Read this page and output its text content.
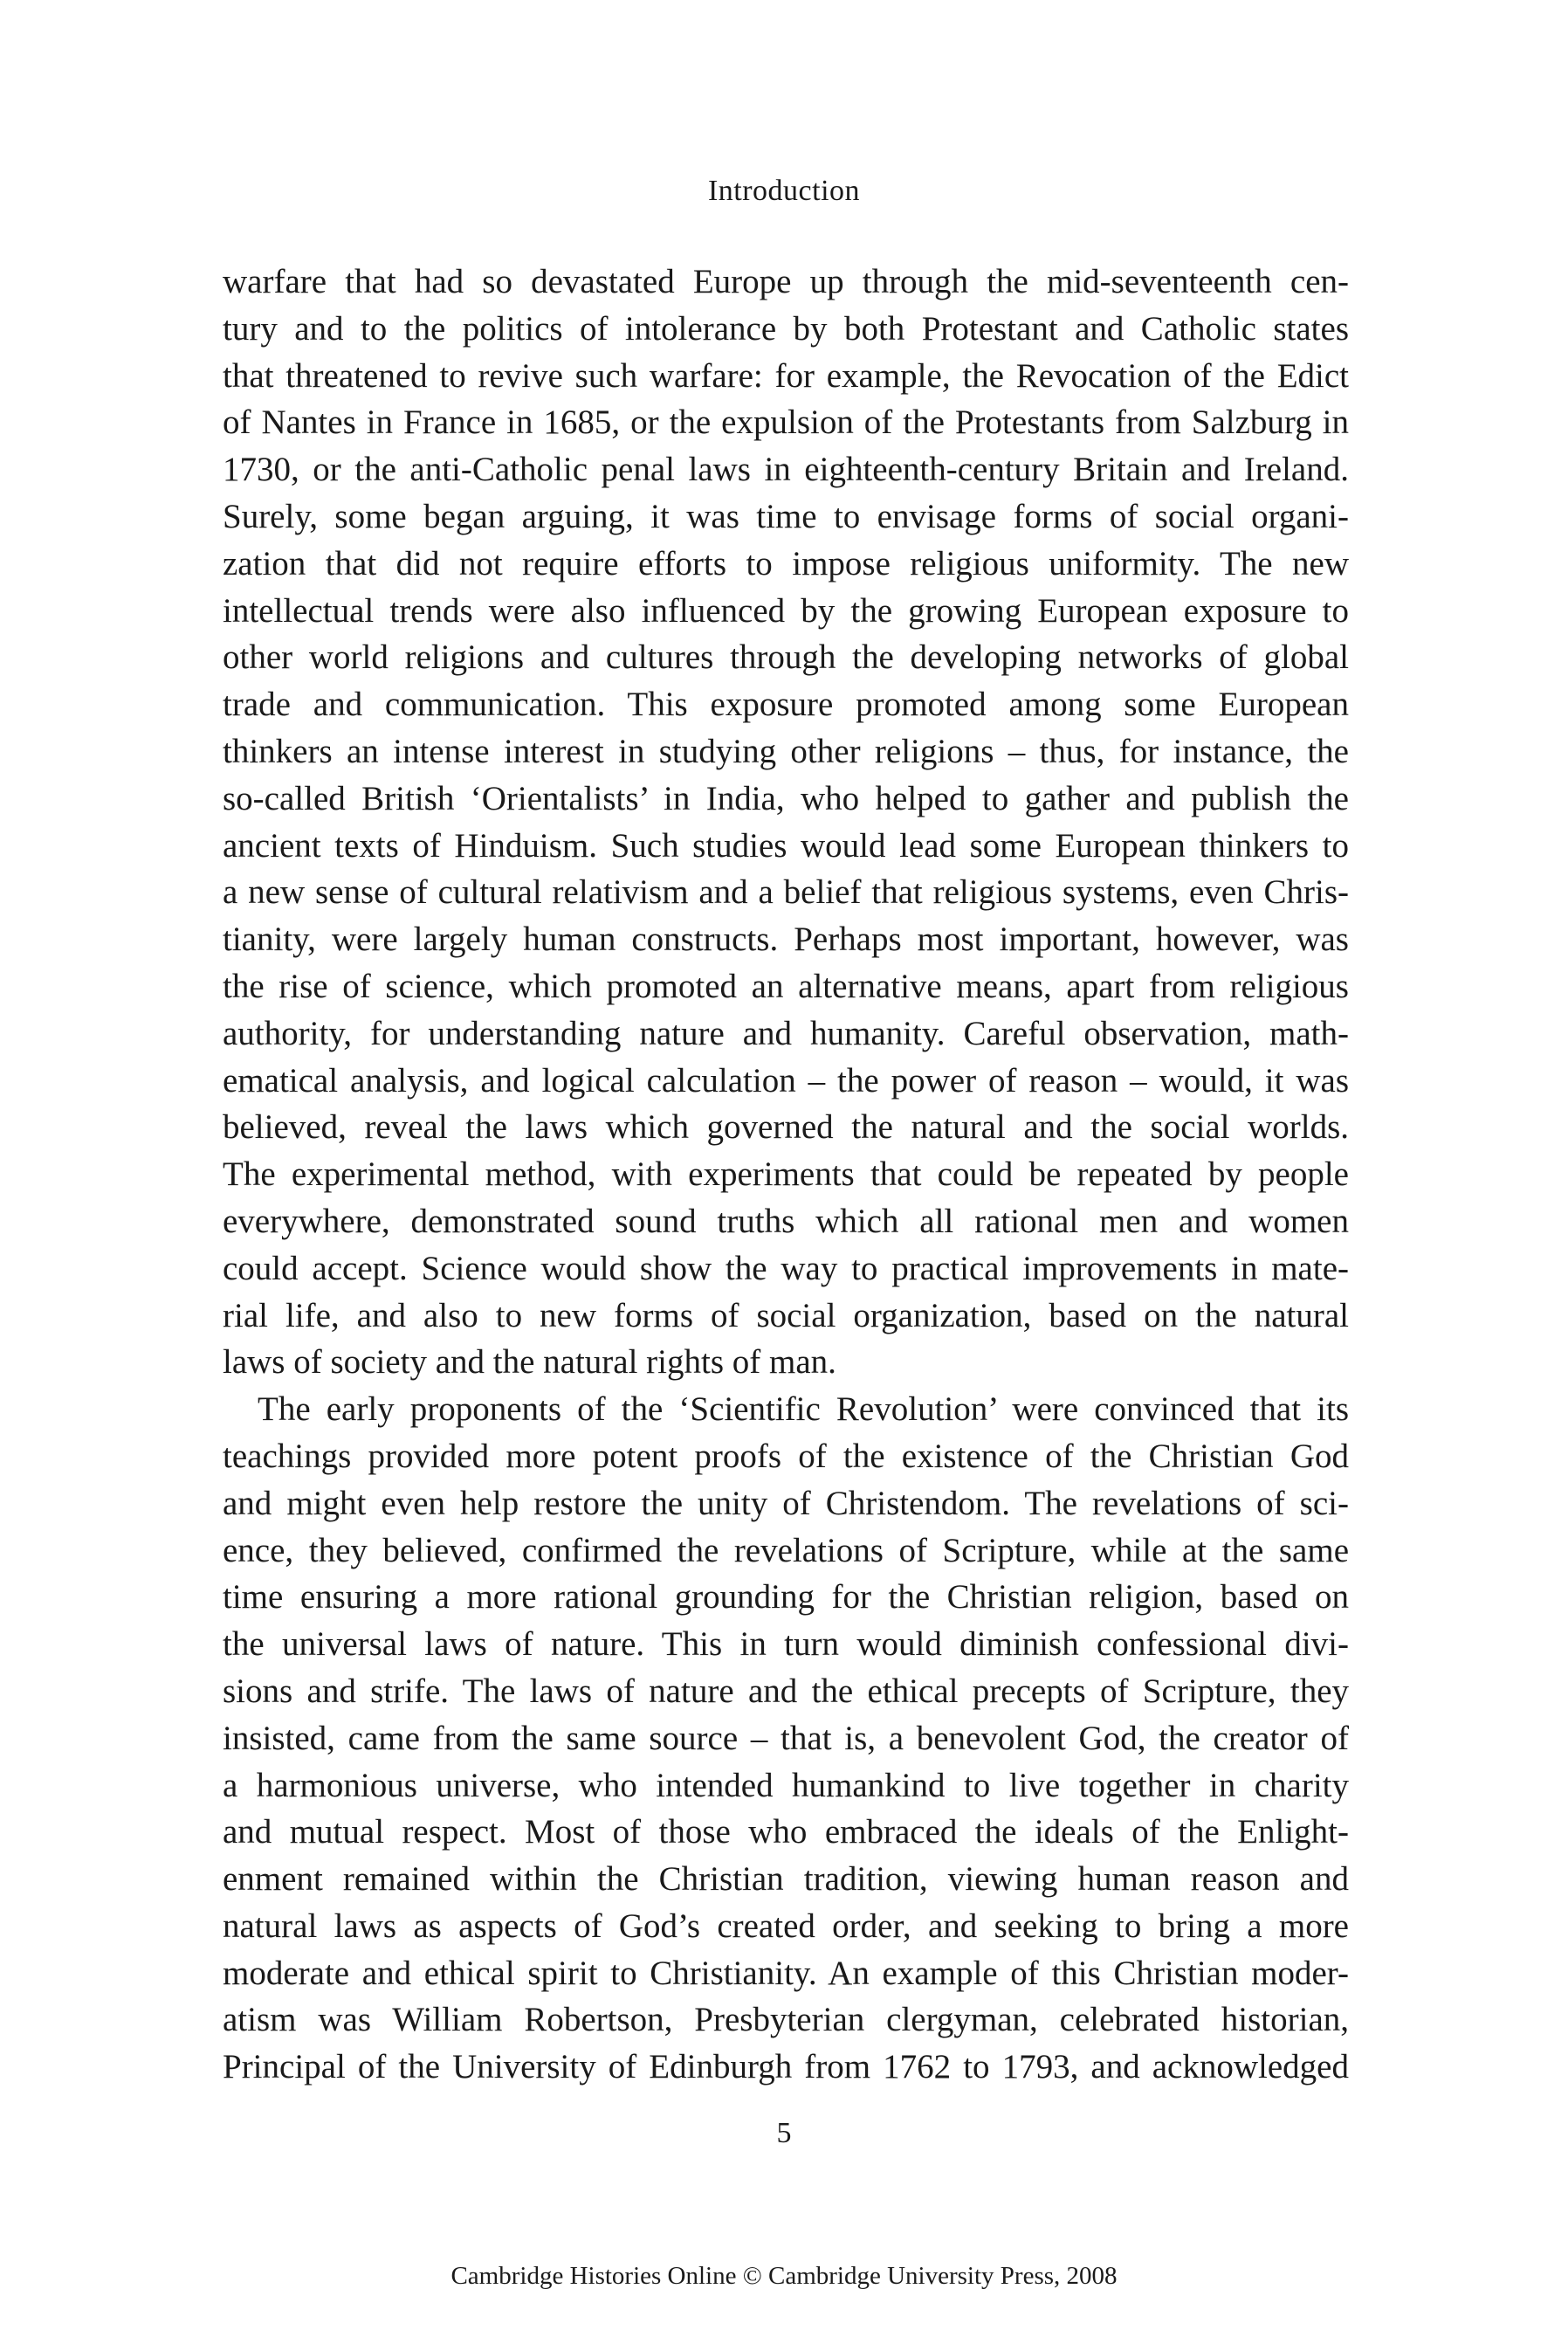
Introduction
warfare that had so devastated Europe up through the mid-seventeenth cen-
tury and to the politics of intolerance by both Protestant and Catholic states
that threatened to revive such warfare: for example, the Revocation of the Edict
of Nantes in France in 1685, or the expulsion of the Protestants from Salzburg in
1730, or the anti-Catholic penal laws in eighteenth-century Britain and Ireland.
Surely, some began arguing, it was time to envisage forms of social organi-
zation that did not require efforts to impose religious uniformity. The new
intellectual trends were also influenced by the growing European exposure to
other world religions and cultures through the developing networks of global
trade and communication. This exposure promoted among some European
thinkers an intense interest in studying other religions – thus, for instance, the
so-called British ‘Orientalists’ in India, who helped to gather and publish the
ancient texts of Hinduism. Such studies would lead some European thinkers to
a new sense of cultural relativism and a belief that religious systems, even Chris-
tianity, were largely human constructs. Perhaps most important, however, was
the rise of science, which promoted an alternative means, apart from religious
authority, for understanding nature and humanity. Careful observation, math-
ematical analysis, and logical calculation – the power of reason – would, it was
believed, reveal the laws which governed the natural and the social worlds.
The experimental method, with experiments that could be repeated by people
everywhere, demonstrated sound truths which all rational men and women
could accept. Science would show the way to practical improvements in mate-
rial life, and also to new forms of social organization, based on the natural
laws of society and the natural rights of man.
The early proponents of the ‘Scientific Revolution’ were convinced that its
teachings provided more potent proofs of the existence of the Christian God
and might even help restore the unity of Christendom. The revelations of sci-
ence, they believed, confirmed the revelations of Scripture, while at the same
time ensuring a more rational grounding for the Christian religion, based on
the universal laws of nature. This in turn would diminish confessional divi-
sions and strife. The laws of nature and the ethical precepts of Scripture, they
insisted, came from the same source – that is, a benevolent God, the creator of
a harmonious universe, who intended humankind to live together in charity
and mutual respect. Most of those who embraced the ideals of the Enlight-
enment remained within the Christian tradition, viewing human reason and
natural laws as aspects of God’s created order, and seeking to bring a more
moderate and ethical spirit to Christianity. An example of this Christian moder-
atism was William Robertson, Presbyterian clergyman, celebrated historian,
Principal of the University of Edinburgh from 1762 to 1793, and acknowledged
5
Cambridge Histories Online © Cambridge University Press, 2008
